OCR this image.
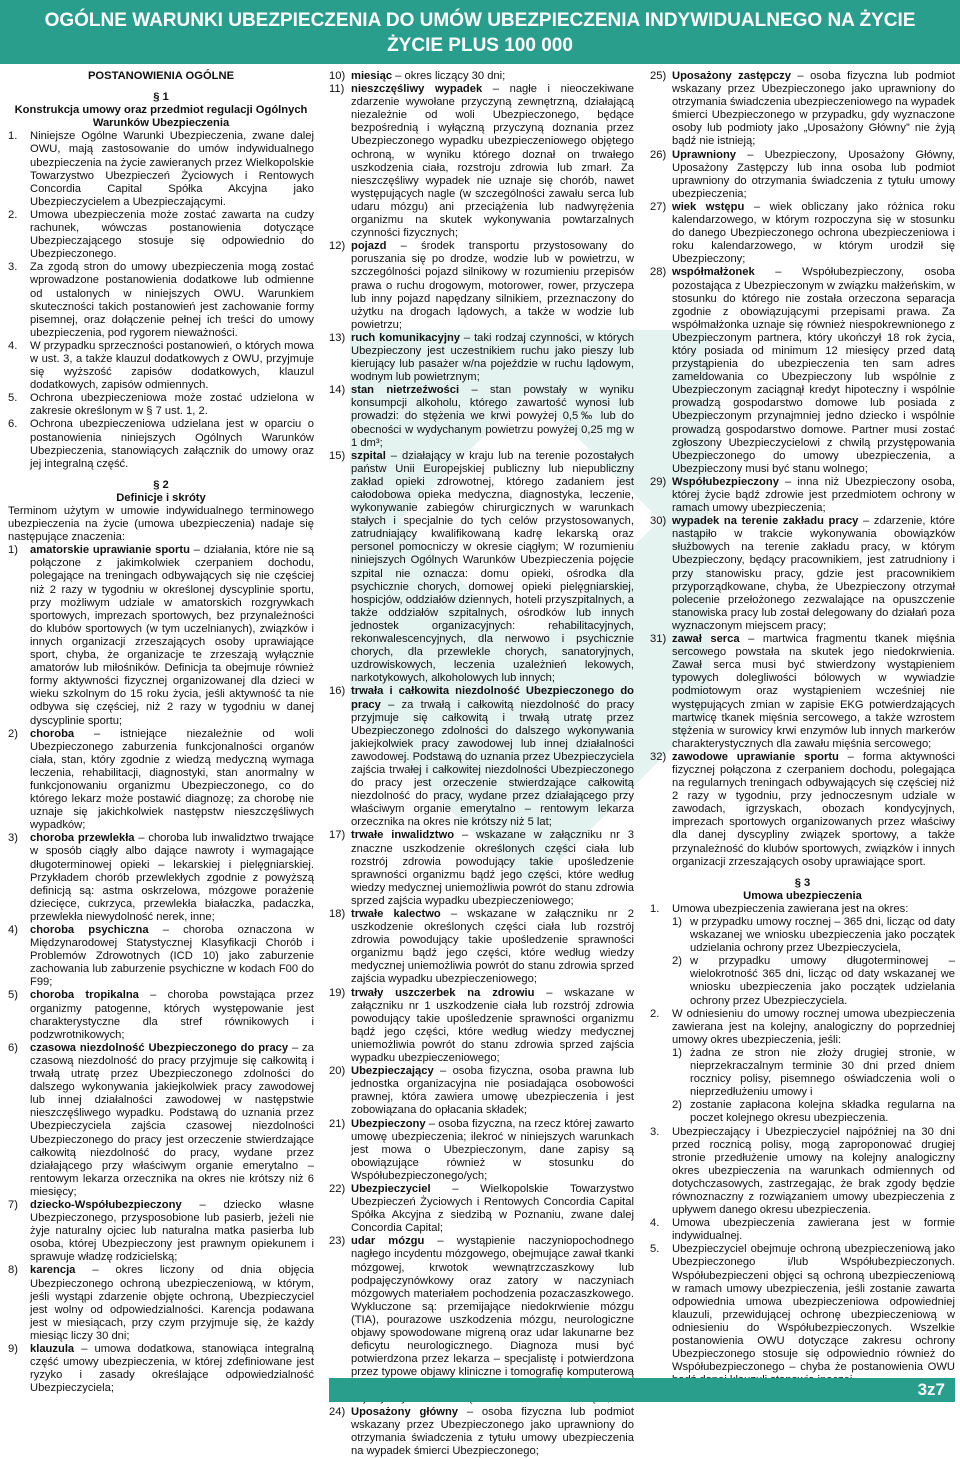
OGÓLNE WARUNKI UBEZPIECZENIA DO UMÓW UBEZPIECZENIA INDYWIDUALNEGO NA ŻYCIE
ŻYCIE PLUS 100 000

POSTANOWIENIA OGÓLNE

§ 1

Konstrukcja umowy oraz przedmiot regulacji Ogólnych Warunków Ubezpieczenia

1.	Niniejsze Ogólne Warunki Ubezpieczenia, zwane dalej OWU, mają zastosowanie do umów indywidualnego ubezpieczenia na życie zawieranych przez Wielkopolskie Towarzystwo Ubezpieczeń Życiowych i Rentowych Concordia Capital Spółka Akcyjna jako Ubezpieczycielem a Ubezpieczającymi.
2.	Umowa ubezpieczenia może zostać zawarta na cudzy rachunek, wówczas postanowienia dotyczące Ubezpieczającego stosuje się odpowiednio do Ubezpieczonego.
3.	Za zgodą stron do umowy ubezpieczenia mogą zostać wprowadzone postanowienia dodatkowe lub odmienne od ustalonych w niniejszych OWU. Warunkiem skuteczności takich postanowień jest zachowanie formy pisemnej, oraz dołączenie pełnej ich treści do umowy ubezpieczenia, pod rygorem nieważności.
4.	W przypadku sprzeczności postanowień, o których mowa w ust. 3, a także klauzul dodatkowych z OWU, przyjmuje się wyższość zapisów dodatkowych, klauzul dodatkowych, zapisów odmiennych.
5.	Ochrona ubezpieczeniowa może zostać udzielona w zakresie określonym w § 7 ust. 1, 2.
6.	Ochrona ubezpieczeniowa udzielana jest w oparciu o postanowienia niniejszych Ogólnych Warunków Ubezpieczenia, stanowiących załącznik do umowy oraz jej integralną część.

§ 2

Definicje i skróty

Terminom użytym w umowie indywidualnego terminowego ubezpieczenia na życie (umowa ubezpieczenia) nadaje się następujące znaczenia:

1)	amatorskie uprawianie sportu – działania, które nie są połączone z jakimkolwiek czerpaniem dochodu, polegające na treningach odbywających się nie częściej niż 2 razy w tygodniu w określonej dyscyplinie sportu, przy możliwym udziale w amatorskich rozgrywkach sportowych, imprezach sportowych, bez przynależności do klubów sportowych (w tym uczelnianych), związków i innych organizacji zrzeszających osoby uprawiające sport, chyba, że organizacje te zrzeszają wyłącznie amatorów lub miłośników. Definicja ta obejmuje również formy aktywności fizycznej organizowanej dla dzieci w wieku szkolnym do 15 roku życia, jeśli aktywność ta nie odbywa się częściej, niż 2 razy w tygodniu w danej dyscyplinie sportu;
2)	choroba – istniejące niezależnie od woli Ubezpieczonego zaburzenia funkcjonalności organów ciała, stan, który zgodnie z wiedzą medyczną wymaga leczenia, rehabilitacji, diagnostyki, stan anormalny w funkcjonowaniu organizmu Ubezpieczonego, co do którego lekarz może postawić diagnozę; za chorobę nie uznaje się jakichkolwiek następstw nieszczęśliwych wypadków;
3)	choroba przewlekła – choroba lub inwalidztwo trwające w sposób ciągły albo dające nawroty i wymagające długoterminowej opieki – lekarskiej i pielęgniarskiej. Przykładem chorób przewlekłych zgodnie z powyższą definicją są: astma oskrzelowa, mózgowe porażenie dziecięce, cukrzyca, przewlekła białaczka, padaczka, przewlekła niewydolność nerek, inne;
4)	choroba psychiczna – choroba oznaczona w Międzynarodowej Statystycznej Klasyfikacji Chorób i Problemów Zdrowotnych (ICD 10) jako zaburzenie zachowania lub zaburzenie psychiczne w kodach F00 do F99;
5)	choroba tropikalna – choroba powstająca przez organizmy patogenne, których występowanie jest charakterystyczne dla stref równikowych i podzwrotnikowych;
6)	czasowa niezdolność Ubezpieczonego do pracy – za czasową niezdolność do pracy przyjmuje się całkowitą i trwałą utratę przez Ubezpieczonego zdolności do dalszego wykonywania jakiejkolwiek pracy zawodowej lub innej działalności zawodowej w następstwie nieszczęśliwego wypadku. Podstawą do uznania przez Ubezpieczyciela zajścia czasowej niezdolności Ubezpieczonego do pracy jest orzeczenie stwierdzające całkowitą niezdolność do pracy, wydane przez działającego przy właściwym organie emerytalno – rentowym lekarza orzecznika na okres nie krótszy niż 6 miesięcy;
7)	dziecko-Współubezpieczony – dziecko własne Ubezpieczonego, przysposobione lub pasierb, jeżeli nie żyje naturalny ojciec lub naturalna matka pasierba lub osoba, której Ubezpieczony jest prawnym opiekunem i sprawuje władzę rodzicielską;
8)	karencja – okres liczony od dnia objęcia Ubezpieczonego ochroną ubezpieczeniową, w którym, jeśli wystąpi zdarzenie objęte ochroną, Ubezpieczyciel jest wolny od odpowiedzialności. Karencja podawana jest w miesiącach, przy czym przyjmuje się, że każdy miesiąc liczy 30 dni;
9)	klauzula – umowa dodatkowa, stanowiąca integralną część umowy ubezpieczenia, w której zdefiniowane jest ryzyko i zasady określające odpowiedzialność Ubezpieczyciela;
10) miesiąc – okres liczący 30 dni;
11) nieszczęśliwy wypadek – nagłe i nieoczekiwane zdarzenie wywołane przyczyną zewnętrzną, działającą niezależnie od woli Ubezpieczonego, będące bezpośrednią i wyłączną przyczyną doznania przez Ubezpieczonego wypadku ubezpieczeniowego objętego ochroną, w wyniku którego doznał on trwałego uszkodzenia ciała, rozstroju zdrowia lub zmarł. Za nieszczęśliwy wypadek nie uznaje się chorób, nawet występujących nagle (w szczególności zawału serca lub udaru mózgu) ani przeciążenia lub nadwyrężenia organizmu na skutek wykonywania powtarzalnych czynności fizycznych;
12) pojazd – środek transportu przystosowany do poruszania się po drodze, wodzie lub w powietrzu, w szczególności pojazd silnikowy w rozumieniu przepisów prawa o ruchu drogowym, motorower, rower, przyczepa lub inny pojazd napędzany silnikiem, przeznaczony do użytku na drogach lądowych, a także w wodzie lub powietrzu;
13) ruch komunikacyjny – taki rodzaj czynności, w których Ubezpieczony jest uczestnikiem ruchu jako pieszy lub kierujący lub pasażer w/na pojeździe w ruchu lądowym, wodnym lub powietrznym;
14) stan nietrzeźwości – stan powstały w wyniku konsumpcji alkoholu, którego zawartość wynosi lub prowadzi: do stężenia we krwi powyżej 0,5‰ lub do obecności w wydychanym powietrzu powyżej 0,25 mg w 1 dm³;
15) szpital – działający w kraju lub na terenie pozostałych państw Unii Europejskiej publiczny lub niepubliczny zakład opieki zdrowotnej, którego zadaniem jest całodobowa opieka medyczna, diagnostyka, leczenie, wykonywanie zabiegów chirurgicznych w warunkach stałych i specjalnie do tych celów przystosowanych, zatrudniający kwalifikowaną kadrę lekarską oraz personel pomocniczy w okresie ciągłym; W rozumieniu niniejszych Ogólnych Warunków Ubezpieczenia pojęcie szpital nie oznacza: domu opieki, ośrodka dla psychicznie chorych, domowej opieki pielęgniarskiej, hospicjów, oddziałów dziennych, hoteli przyszpitalnych, a także oddziałów szpitalnych, ośrodków lub innych jednostek organizacyjnych: rehabilitacyjnych, rekonwalescencyjnych, dla nerwowo i psychicznie chorych, dla przewlekle chorych, sanatoryjnych, uzdrowiskowych, leczenia uzależnień lekowych, narkotykowych, alkoholowych lub innych;
16) trwała i całkowita niezdolność Ubezpieczonego do pracy – za trwałą i całkowitą niezdolność do pracy przyjmuje się całkowitą i trwałą utratę przez Ubezpieczonego zdolności do dalszego wykonywania jakiejkolwiek pracy zawodowej lub innej działalności zawodowej. Podstawą do uznania przez Ubezpieczyciela zajścia trwałej i całkowitej niezdolności Ubezpieczonego do pracy jest orzeczenie stwierdzające całkowitą niezdolność do pracy, wydane przez działającego przy właściwym organie emerytalno – rentowym lekarza orzecznika na okres nie krótszy niż 5 lat;
17) trwałe inwalidztwo – wskazane w załączniku nr 3 znaczne uszkodzenie określonych części ciała lub rozstrój zdrowia powodujący takie upośledzenie sprawności organizmu bądź jego części, które według wiedzy medycznej uniemożliwia powrót do stanu zdrowia sprzed zajścia wypadku ubezpieczeniowego;
18) trwałe kalectwo – wskazane w załączniku nr 2 uszkodzenie określonych części ciała lub rozstrój zdrowia powodujący takie upośledzenie sprawności organizmu bądź jego części, które według wiedzy medycznej uniemożliwia powrót do stanu zdrowia sprzed zajścia wypadku ubezpieczeniowego;
19) trwały uszczerbek na zdrowiu – wskazane w załączniku nr 1 uszkodzenie ciała lub rozstrój zdrowia powodujący takie upośledzenie sprawności organizmu bądź jego części, które według wiedzy medycznej uniemożliwia powrót do stanu zdrowia sprzed zajścia wypadku ubezpieczeniowego;
20) Ubezpieczający – osoba fizyczna, osoba prawna lub jednostka organizacyjna nie posiadająca osobowości prawnej, która zawiera umowę ubezpieczenia i jest zobowiązana do opłacania składek;
21) Ubezpieczony – osoba fizyczna, na rzecz której zawarto umowę ubezpieczenia; ilekroć w niniejszych warunkach jest mowa o Ubezpieczonym, dane zapisy są obowiązujące również w stosunku do Współubezpieczonego/ych;
22) Ubezpieczyciel – Wielkopolskie Towarzystwo Ubezpieczeń Życiowych i Rentowych Concordia Capital Spółka Akcyjna z siedzibą w Poznaniu, zwane dalej Concordia Capital;
23) udar mózgu – wystąpienie naczyniopochodnego nagłego incydentu mózgowego, obejmujące zawał tkanki mózgowej, krwotok wewnątrzczaszkowy lub podpajęczynówkowy oraz zatory w naczyniach mózgowych materiałem pochodzenia pozaczaszkowego. Wykluczone są: przemijające niedokrwienie mózgu (TIA), pourazowe uszkodzenia mózgu, neurologiczne objawy spowodowane migreną oraz udar lakunarne bez deficytu neurologicznego. Diagnoza musi być potwierdzona przez lekarza – specjalistę i potwierdzona przez typowe objawy kliniczne i tomografię komputerową
24) Uposażony główny – osoba fizyczna lub podmiot wskazany przez Ubezpieczonego jako uprawniony do otrzymania świadczenia z tytułu umowy ubezpieczenia na wypadek śmierci Ubezpieczonego;
25) Uposażony zastępczy – osoba fizyczna lub podmiot wskazany przez Ubezpieczonego jako uprawniony do otrzymania świadczenia ubezpieczeniowego na wypadek śmierci Ubezpieczonego w przypadku, gdy wyznaczone osoby lub podmioty jako „Uposażony Główny” nie żyją bądź nie istnieją;
26) Uprawniony – Ubezpieczony, Uposażony Główny, Uposażony Zastępczy lub inna osoba lub podmiot uprawniony do otrzymania świadczenia z tytułu umowy ubezpieczenia;
27) wiek wstępu – wiek obliczany jako różnica roku kalendarzowego, w którym rozpoczyna się w stosunku do danego Ubezpieczonego ochrona ubezpieczeniowa i roku kalendarzowego, w którym urodził się Ubezpieczony;
28) współmałżonek – Współubezpieczony, osoba pozostająca z Ubezpieczonym w związku małżeńskim, w stosunku do którego nie została orzeczona separacja zgodnie z obowiązującymi przepisami prawa. Za współmałżonka uznaje się również niespokrewnionego z Ubezpieczonym partnera, który ukończył 18 rok życia, który posiada od minimum 12 miesięcy przed datą przystąpienia do ubezpieczenia ten sam adres zameldowania co Ubezpieczony lub wspólnie z Ubezpieczonym zaciągnął kredyt hipoteczny i wspólnie prowadzą gospodarstwo domowe lub posiada z Ubezpieczonym przynajmniej jedno dziecko i wspólnie prowadzą gospodarstwo domowe. Partner musi zostać zgłoszony Ubezpieczycielowi z chwilą przystępowania Ubezpieczonego do umowy ubezpieczenia, a Ubezpieczony musi być stanu wolnego;
29) Współubezpieczony – inna niż Ubezpieczony osoba, której życie bądź zdrowie jest przedmiotem ochrony w ramach umowy ubezpieczenia;
30) wypadek na terenie zakładu pracy – zdarzenie, które nastąpiło w trakcie wykonywania obowiązków służbowych na terenie zakładu pracy, w którym Ubezpieczony, będący pracownikiem, jest zatrudniony i przy stanowisku pracy, gdzie jest pracownikiem przyporządkowane, chyba, że Ubezpieczony otrzymał polecenie przełożonego zezwalające na opuszczenie stanowiska pracy lub został delegowany do działań poza wyznaczonym miejscem pracy;
31) zawał serca – martwica fragmentu tkanek mięśnia sercowego powstała na skutek jego niedokrwienia. Zawał serca musi być stwierdzony wystąpieniem typowych dolegliwości bólowych w wywiadzie podmiotowym oraz wystąpieniem wcześniej nie występujących zmian w zapisie EKG potwierdzających martwicę tkanek mięśnia sercowego, a także wzrostem stężenia w surowicy krwi enzymów lub innych markerów charakterystycznych dla zawału mięśnia sercowego;
32) zawodowe uprawianie sportu – forma aktywności fizycznej połączona z czerpaniem dochodu, polegająca na regularnych treningach odbywających się częściej niż 2 razy w tygodniu, przy jednoczesnym udziale w zawodach, igrzyskach, obozach kondycyjnych, imprezach sportowych organizowanych przez właściwy dla danej dyscypliny związek sportowy, a także przynależność do klubów sportowych, związków i innych organizacji zrzeszających osoby uprawiające sport.

§ 3

Umowa ubezpieczenia

1.	Umowa ubezpieczenia zawierana jest na okres:
1) w przypadku umowy rocznej – 365 dni, licząc od daty wskazanej we wniosku ubezpieczenia jako początek udzielania ochrony przez Ubezpieczyciela,
2) w przypadku umowy długoterminowej – wielokrotność 365 dni, licząc od daty wskazanej we wniosku ubezpieczenia jako początek udzielania ochrony przez Ubezpieczyciela.
2.	W odniesieniu do umowy rocznej umowa ubezpieczenia zawierana jest na kolejny, analogiczny do poprzedniej umowy okres ubezpieczenia, jeśli:
1) żadna ze stron nie złoży drugiej stronie, w nieprzekraczalnym terminie 30 dni przed dniem rocznicy polisy, pisemnego oświadczenia woli o nieprzedłużeniu umowy i
2) zostanie zapłacona kolejna składka regularna na poczet kolejnego okresu ubezpieczenia.
3.	Ubezpieczający i Ubezpieczyciel najpóźniej na 30 dni przed rocznicą polisy, mogą zaproponować drugiej stronie przedłużenie umowy na kolejny analogiczny okres ubezpieczenia na warunkach odmiennych od dotychczasowych, zastrzegając, że brak zgody będzie równoznaczny z rozwiązaniem umowy ubezpieczenia z upływem danego okresu ubezpieczenia.
4.	Umowa ubezpieczenia zawierana jest w formie indywidualnej.
5.	Ubezpieczyciel obejmuje ochroną ubezpieczeniową jako Ubezpieczonego i/lub Współubezpieczonych. Współubezpieczeni objęci są ochroną ubezpieczeniową w ramach umowy ubezpieczenia, jeśli zostanie zawarta odpowiednia umowa ubezpieczeniowa odpowiedniej klauzuli, przewidującej ochronę ubezpieczeniową w odniesieniu do Współubezpieczonych. Wszelkie postanowienia OWU dotyczące zakresu ochrony Ubezpieczonego stosuje się odpowiednio również do Współubezpieczonego – chyba że postanowienia OWU
3z7
